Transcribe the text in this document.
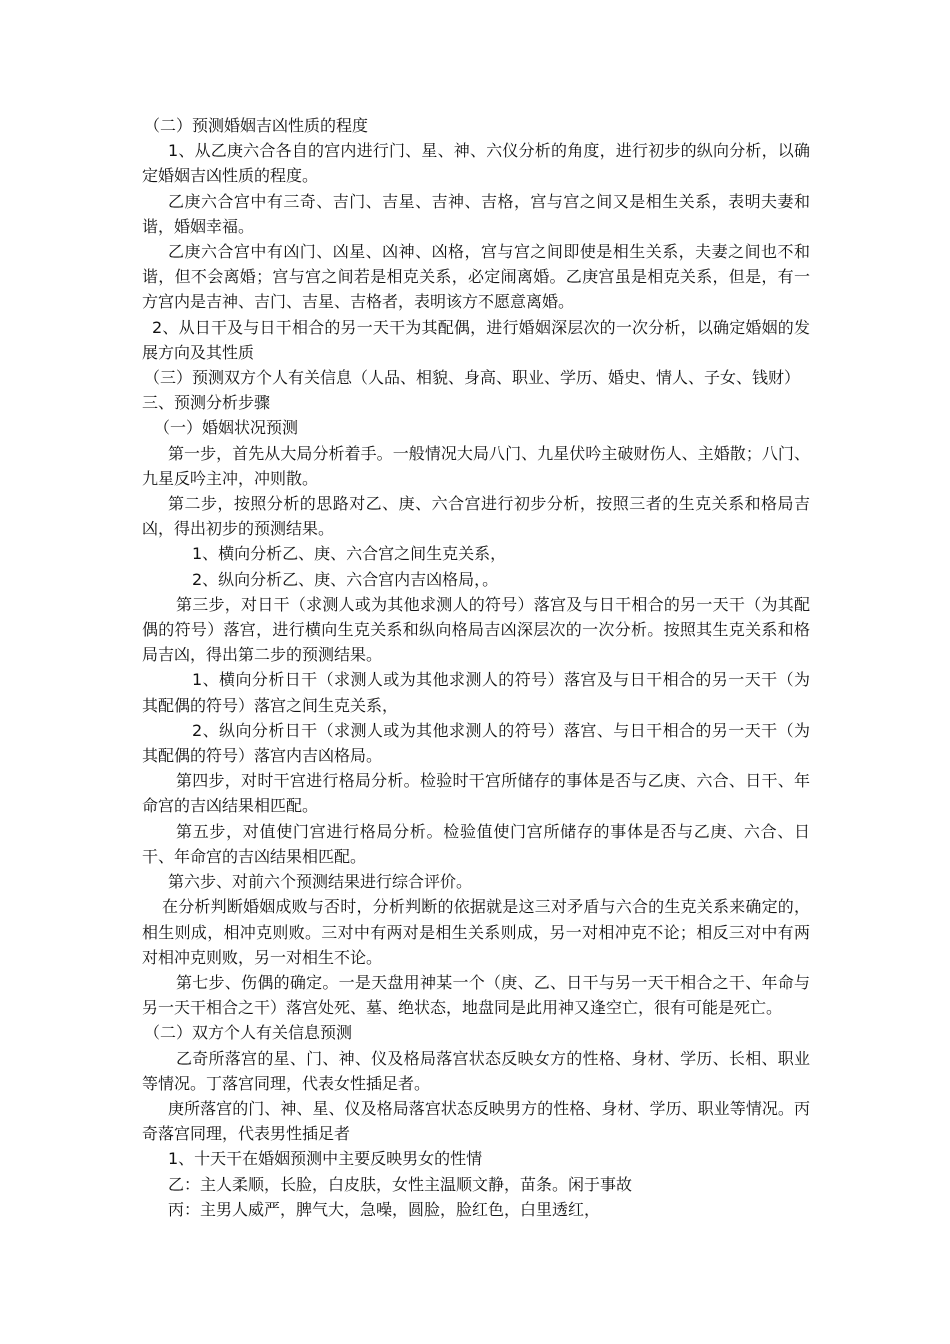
（二）预测婚姻吉凶性质的程度

1、从乙庚六合各自的宫内进行门、星、神、六仪分析的角度，进行初步的纵向分析，以确定婚姻吉凶性质的程度。

乙庚六合宫中有三奇、吉门、吉星、吉神、吉格，宫与宫之间又是相生关系，表明夫妻和谐，婚姻幸福。

乙庚六合宫中有凶门、凶星、凶神、凶格，宫与宫之间即使是相生关系，夫妻之间也不和谐，但不会离婚；宫与宫之间若是相克关系，必定闹离婚。乙庚宫虽是相克关系，但是，有一方宫内是吉神、吉门、吉星、吉格者，表明该方不愿意离婚。

2、从日干及与日干相合的另一天干为其配偶，进行婚姻深层次的一次分析，以确定婚姻的发展方向及其性质

（三）预测双方个人有关信息（人品、相貌、身高、职业、学历、婚史、情人、子女、钱财）

三、预测分析步骤

（一）婚姻状况预测

第一步，首先从大局分析着手。一般情况大局八门、九星伏吟主破财伤人、主婚散；八门、九星反吟主冲，冲则散。

第二步，按照分析的思路对乙、庚、六合宫进行初步分析，按照三者的生克关系和格局吉凶，得出初步的预测结果。

1、横向分析乙、庚、六合宫之间生克关系，

2、纵向分析乙、庚、六合宫内吉凶格局，。

第三步，对日干（求测人或为其他求测人的符号）落宫及与日干相合的另一天干（为其配偶的符号）落宫，进行横向生克关系和纵向格局吉凶深层次的一次分析。按照其生克关系和格局吉凶，得出第二步的预测结果。

1、横向分析日干（求测人或为其他求测人的符号）落宫及与日干相合的另一天干（为其配偶的符号）落宫之间生克关系，

2、纵向分析日干（求测人或为其他求测人的符号）落宫、与日干相合的另一天干（为其配偶的符号）落宫内吉凶格局。

第四步，对时干宫进行格局分析。检验时干宫所储存的事体是否与乙庚、六合、日干、年命宫的吉凶结果相匹配。

第五步，对值使门宫进行格局分析。检验值使门宫所储存的事体是否与乙庚、六合、日干、年命宫的吉凶结果相匹配。

第六步、对前六个预测结果进行综合评价。

在分析判断婚姻成败与否时，分析判断的依据就是这三对矛盾与六合的生克关系来确定的，相生则成，相冲克则败。三对中有两对是相生关系则成，另一对相冲克不论；相反三对中有两对相冲克则败，另一对相生不论。

第七步、伤偶的确定。一是天盘用神某一个（庚、乙、日干与另一天干相合之干、年命与另一天干相合之干）落宫处死、墓、绝状态，地盘同是此用神又逢空亡，很有可能是死亡。

（二）双方个人有关信息预测

乙奇所落宫的星、门、神、仪及格局落宫状态反映女方的性格、身材、学历、长相、职业等情况。丁落宫同理，代表女性插足者。

庚所落宫的门、神、星、仪及格局落宫状态反映男方的性格、身材、学历、职业等情况。丙奇落宫同理，代表男性插足者

1、十天干在婚姻预测中主要反映男女的性情

乙：主人柔顺，长脸，白皮肤，女性主温顺文静，苗条。闲于事故

丙：主男人威严，脾气大，急噪，圆脸，脸红色，白里透红，
